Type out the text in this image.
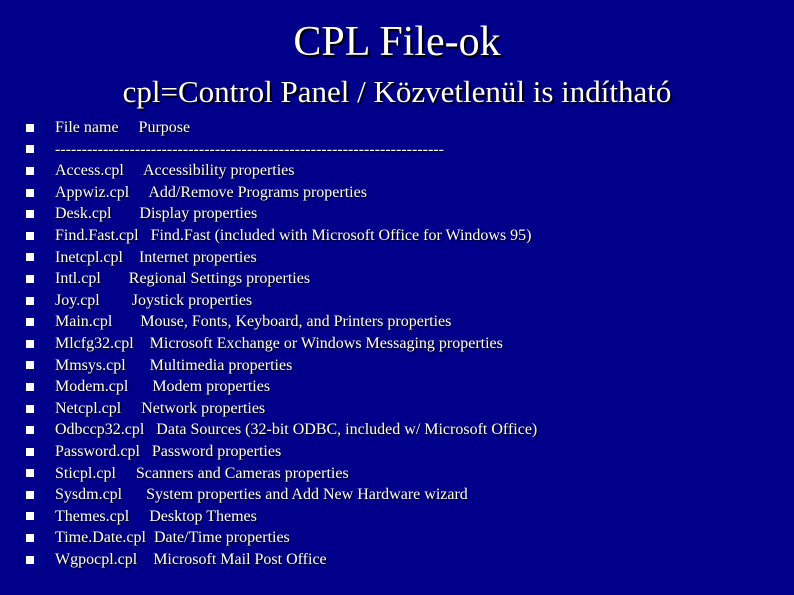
CPL File-ok
cpl=Control Panel / Közvetlenül is indítható
File name     Purpose
-------------------------------------------------------------------------
Access.cpl     Accessibility properties
Appwiz.cpl     Add/Remove Programs properties
Desk.cpl       Display properties
Find.Fast.cpl   Find.Fast (included with Microsoft Office for Windows 95)
Inetcpl.cpl    Internet properties
Intl.cpl       Regional Settings properties
Joy.cpl        Joystick properties
Main.cpl       Mouse, Fonts, Keyboard, and Printers properties
Mlcfg32.cpl    Microsoft Exchange or Windows Messaging properties
Mmsys.cpl      Multimedia properties
Modem.cpl      Modem properties
Netcpl.cpl     Network properties
Odbccp32.cpl   Data Sources (32-bit ODBC, included w/ Microsoft Office)
Password.cpl   Password properties
Sticpl.cpl     Scanners and Cameras properties
Sysdm.cpl      System properties and Add New Hardware wizard
Themes.cpl     Desktop Themes
Time.Date.cpl  Date/Time properties
Wgpocpl.cpl    Microsoft Mail Post Office
